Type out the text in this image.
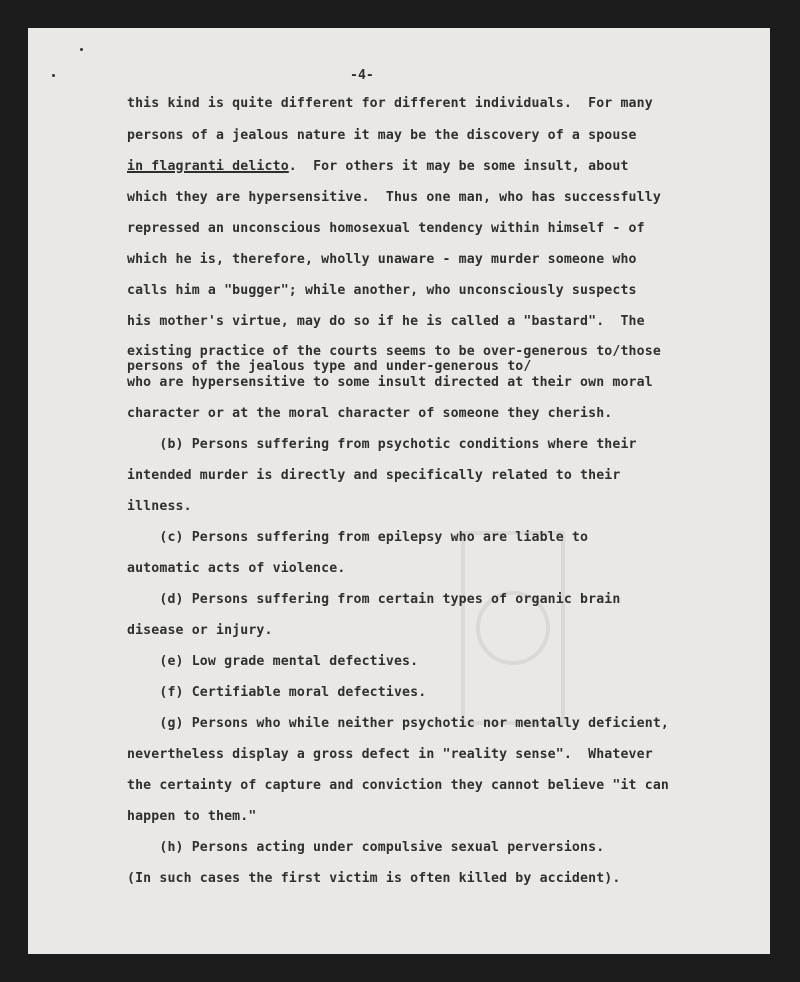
-4-
this kind is quite different for different individuals.  For many
persons of a jealous nature it may be the discovery of a spouse
in flagranti delicto.  For others it may be some insult, about
which they are hypersensitive.  Thus one man, who has successfully
repressed an unconscious homosexual tendency within himself - of
which he is, therefore, wholly unaware - may murder someone who
calls him a "bugger"; while another, who unconsciously suspects
his mother's virtue, may do so if he is called a "bastard".  The
existing practice of the courts seems to be over-generous to/those
persons of the jealous type and under-generous to/
who are hypersensitive to some insult directed at their own moral
character or at the moral character of someone they cherish.
(b) Persons suffering from psychotic conditions where their
intended murder is directly and specifically related to their
illness.
(c) Persons suffering from epilepsy who are liable to
automatic acts of violence.
(d) Persons suffering from certain types of organic brain
disease or injury.
(e) Low grade mental defectives.
(f) Certifiable moral defectives.
(g) Persons who while neither psychotic nor mentally deficient,
nevertheless display a gross defect in "reality sense".  Whatever
the certainty of capture and conviction they cannot believe "it can
happen to them."
(h) Persons acting under compulsive sexual perversions.
(In such cases the first victim is often killed by accident).
